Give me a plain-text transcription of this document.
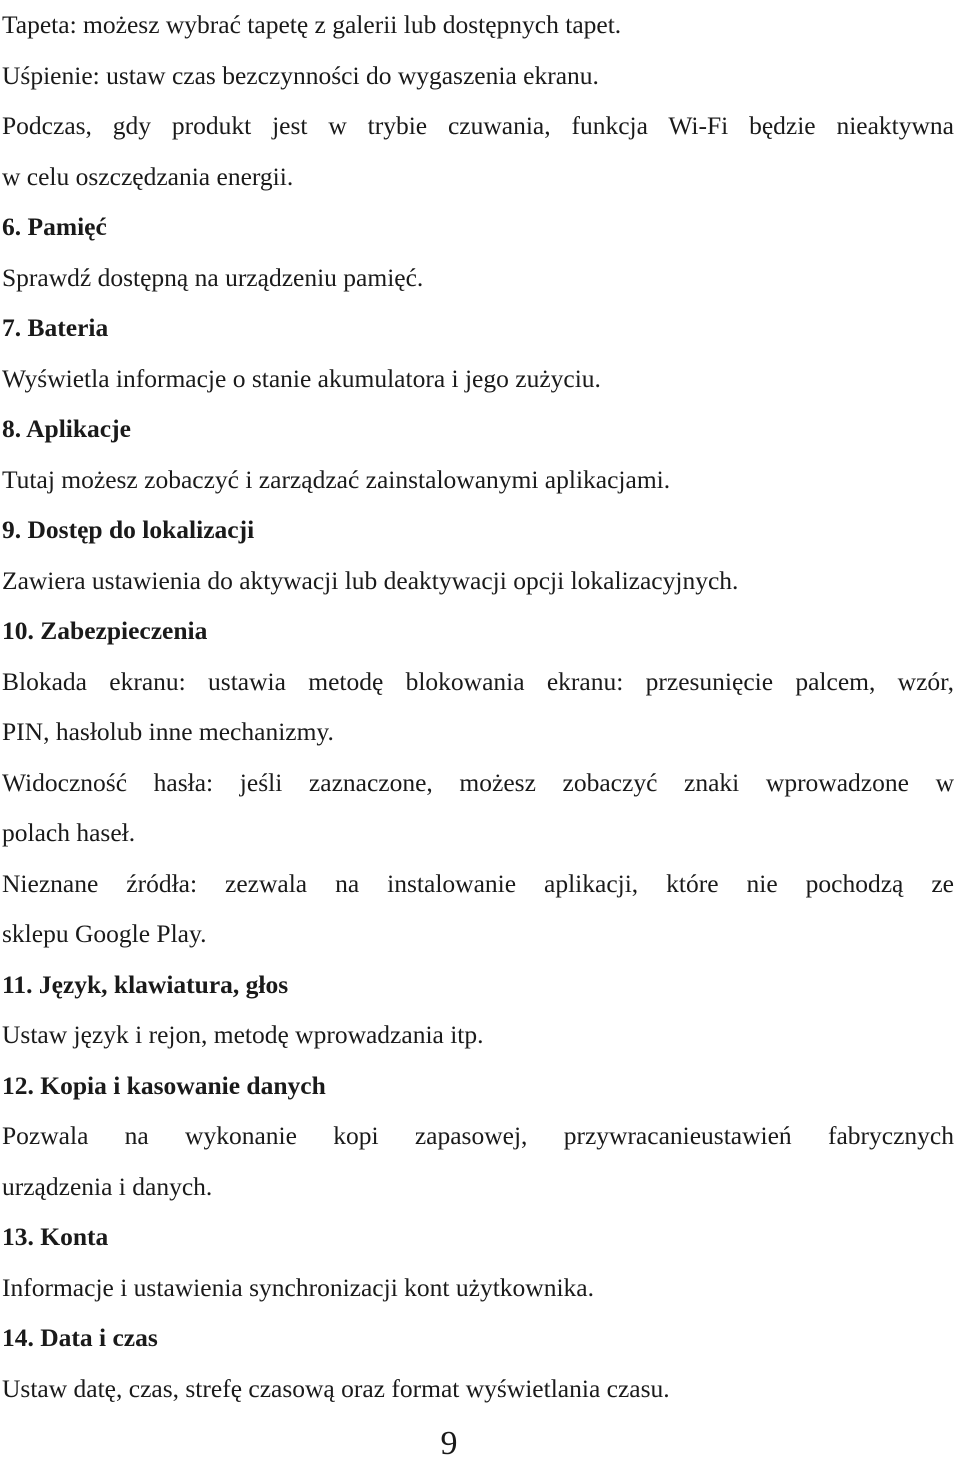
Tapeta: możesz wybrać tapetę z galerii lub dostępnych tapet.

Uśpienie: ustaw czas bezczynności do wygaszenia ekranu.

Podczas, gdy produkt jest w trybie czuwania, funkcja Wi-Fi będzie nieaktywna

w celu oszczędzania energii.

6. Pamięć

Sprawdź dostępną na urządzeniu pamięć.

7. Bateria

Wyświetla informacje o stanie akumulatora i jego zużyciu.

8. Aplikacje

Tutaj możesz zobaczyć i zarządzać zainstalowanymi aplikacjami.

9. Dostęp do lokalizacji

Zawiera ustawienia do aktywacji lub deaktywacji opcji lokalizacyjnych.

10. Zabezpieczenia

Blokada ekranu: ustawia metodę blokowania ekranu: przesunięcie palcem, wzór,

PIN, hasłolub inne mechanizmy.

Widoczność hasła: jeśli zaznaczone, możesz zobaczyć znaki wprowadzone w

polach haseł.

Nieznane źródła: zezwala na instalowanie aplikacji, które nie pochodzą ze

sklepu Google Play.

11. Język, klawiatura, głos

Ustaw język i rejon, metodę wprowadzania itp.

12. Kopia i kasowanie danych

Pozwala na wykonanie kopi zapasowej, przywracanieustawień fabrycznych

urządzenia i danych.

13. Konta

Informacje i ustawienia synchronizacji kont użytkownika.

14. Data i czas

Ustaw datę, czas, strefę czasową oraz format wyświetlania czasu.

9
